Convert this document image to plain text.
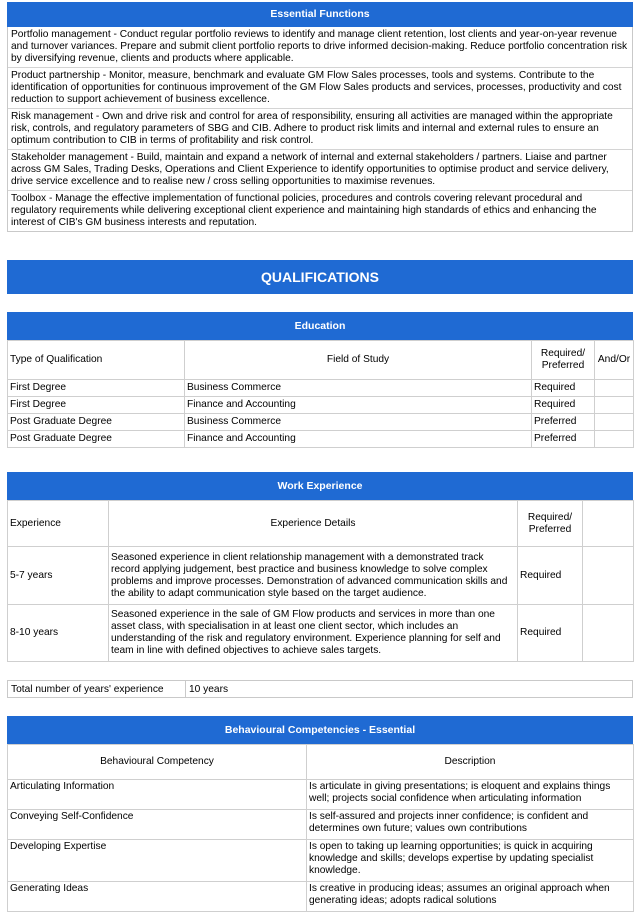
Essential Functions
Portfolio management - Conduct regular portfolio reviews to identify and manage client retention, lost clients and year-on-year revenue and turnover variances. Prepare and submit client portfolio reports to drive informed decision-making. Reduce portfolio concentration risk by diversifying revenue, clients and products where applicable.
Product partnership - Monitor, measure, benchmark and evaluate GM Flow Sales processes, tools and systems. Contribute to the identification of opportunities for continuous improvement of the GM Flow Sales products and services, processes, productivity and cost reduction to support achievement of business excellence.
Risk management - Own and drive risk and control for area of responsibility, ensuring all activities are managed within the appropriate risk, controls, and regulatory parameters of SBG and CIB. Adhere to product risk limits and internal and external rules to ensure an optimum contribution to CIB in terms of profitability and risk control.
Stakeholder management - Build, maintain and expand a network of internal and external stakeholders / partners. Liaise and partner across GM Sales, Trading Desks, Operations and Client Experience to identify opportunities to optimise product and service delivery, drive service excellence and to realise new / cross selling opportunities to maximise revenues.
Toolbox - Manage the effective implementation of functional policies, procedures and controls covering relevant procedural and regulatory requirements while delivering exceptional client experience and maintaining high standards of ethics and enhancing the interest of CIB's GM business interests and reputation.
QUALIFICATIONS
Education
Type of Qualification	Field of Study	Required/ Preferred	And/Or
First Degree	Business Commerce	Required	
First Degree	Finance and Accounting	Required	
Post Graduate Degree	Business Commerce	Preferred	
Post Graduate Degree	Finance and Accounting	Preferred	
Work Experience
Experience	Experience Details	Required/ Preferred	
5-7 years	Seasoned experience in client relationship management with a demonstrated track record applying judgement, best practice and business knowledge to solve complex problems and improve processes. Demonstration of advanced communication skills and the ability to adapt communication style based on the target audience.	Required	
8-10 years	Seasoned experience in the sale of GM Flow products and services in more than one asset class, with specialisation in at least one client sector, which includes an understanding of the risk and regulatory environment. Experience planning for self and team in line with defined objectives to achieve sales targets.	Required	
Total number of years' experience 10 years
Behavioural Competencies - Essential
Behavioural Competency	Description
Articulating Information	Is articulate in giving presentations; is eloquent and explains things well; projects social confidence when articulating information
Conveying Self-Confidence	Is self-assured and projects inner confidence; is confident and determines own future; values own contributions
Developing Expertise	Is open to taking up learning opportunities; is quick in acquiring knowledge and skills; develops expertise by updating specialist knowledge.
Generating Ideas	Is creative in producing ideas; assumes an original approach when generating ideas; adopts radical solutions
